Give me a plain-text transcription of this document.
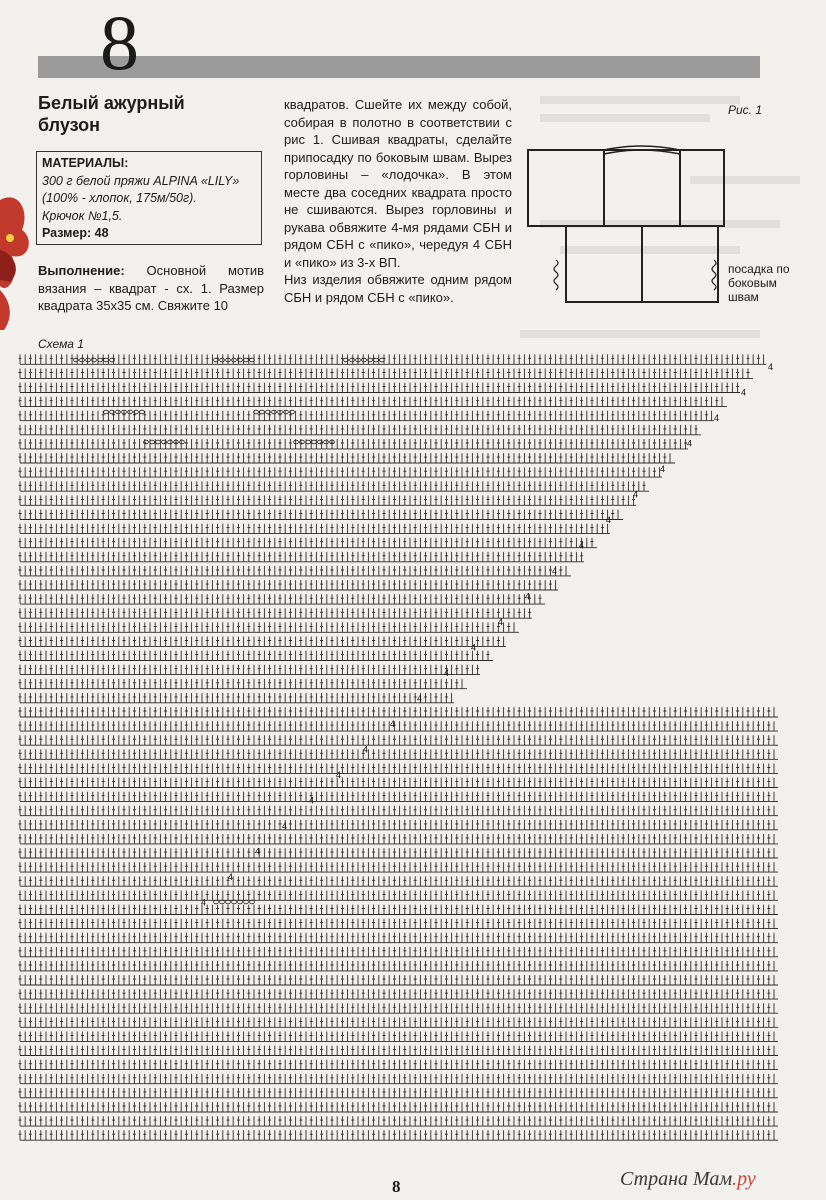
8
Белый ажурный блузон
МАТЕРИАЛЫ:
300 г белой пряжи ALPINA «LILY»
(100% - хлопок, 175м/50г).
Крючок №1,5.
Размер: 48
Выполнение: Основной мотив вязания – квадрат - сх. 1. Размер квадрата 35х35 см. Свяжите 10
квадратов. Сшейте их между собой, собирая в полотно в соответствии с рис 1. Сшивая квадраты, сделайте припосадку по боковым швам. Вырез горловины – «лодочка». В этом месте два соседних квадрата просто не сшиваются. Вырез горловины и рукава обвяжите 4-мя рядами СБН и рядом СБН с «пико», чередуя 4 СБН и «пико» из 3-х ВП.
Низ изделия обвяжите одним рядом СБН и рядом СБН с «пико».
Рис. 1
посадка по боковым швам
Схема 1
4
4
4
4
4
4
4
4
4
4
4
4
4
4
4
4
4
4
4
4
4
4
8	Страна Мам.ру
